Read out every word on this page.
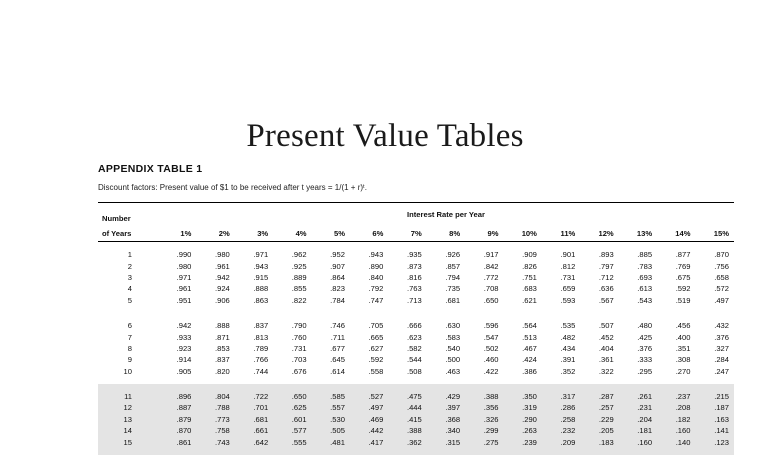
Present Value Tables
APPENDIX TABLE 1
Discount factors: Present value of $1 to be received after t years = 1/(1 + r)ᵗ.
Number	Interest Rate per Year														
of Years	1%	2%	3%	4%	5%	6%	7%	8%	9%	10%	11%	12%	13%	14%	15%

1	.990	.980	.971	.962	.952	.943	.935	.926	.917	.909	.901	.893	.885	.877	.870
2	.980	.961	.943	.925	.907	.890	.873	.857	.842	.826	.812	.797	.783	.769	.756
3	.971	.942	.915	.889	.864	.840	.816	.794	.772	.751	.731	.712	.693	.675	.658
4	.961	.924	.888	.855	.823	.792	.763	.735	.708	.683	.659	.636	.613	.592	.572
5	.951	.906	.863	.822	.784	.747	.713	.681	.650	.621	.593	.567	.543	.519	.497

6	.942	.888	.837	.790	.746	.705	.666	.630	.596	.564	.535	.507	.480	.456	.432
7	.933	.871	.813	.760	.711	.665	.623	.583	.547	.513	.482	.452	.425	.400	.376
8	.923	.853	.789	.731	.677	.627	.582	.540	.502	.467	.434	.404	.376	.351	.327
9	.914	.837	.766	.703	.645	.592	.544	.500	.460	.424	.391	.361	.333	.308	.284
10	.905	.820	.744	.676	.614	.558	.508	.463	.422	.386	.352	.322	.295	.270	.247

11	.896	.804	.722	.650	.585	.527	.475	.429	.388	.350	.317	.287	.261	.237	.215
12	.887	.788	.701	.625	.557	.497	.444	.397	.356	.319	.286	.257	.231	.208	.187
13	.879	.773	.681	.601	.530	.469	.415	.368	.326	.290	.258	.229	.204	.182	.163
14	.870	.758	.661	.577	.505	.442	.388	.340	.299	.263	.232	.205	.181	.160	.141
15	.861	.743	.642	.555	.481	.417	.362	.315	.275	.239	.209	.183	.160	.140	.123
